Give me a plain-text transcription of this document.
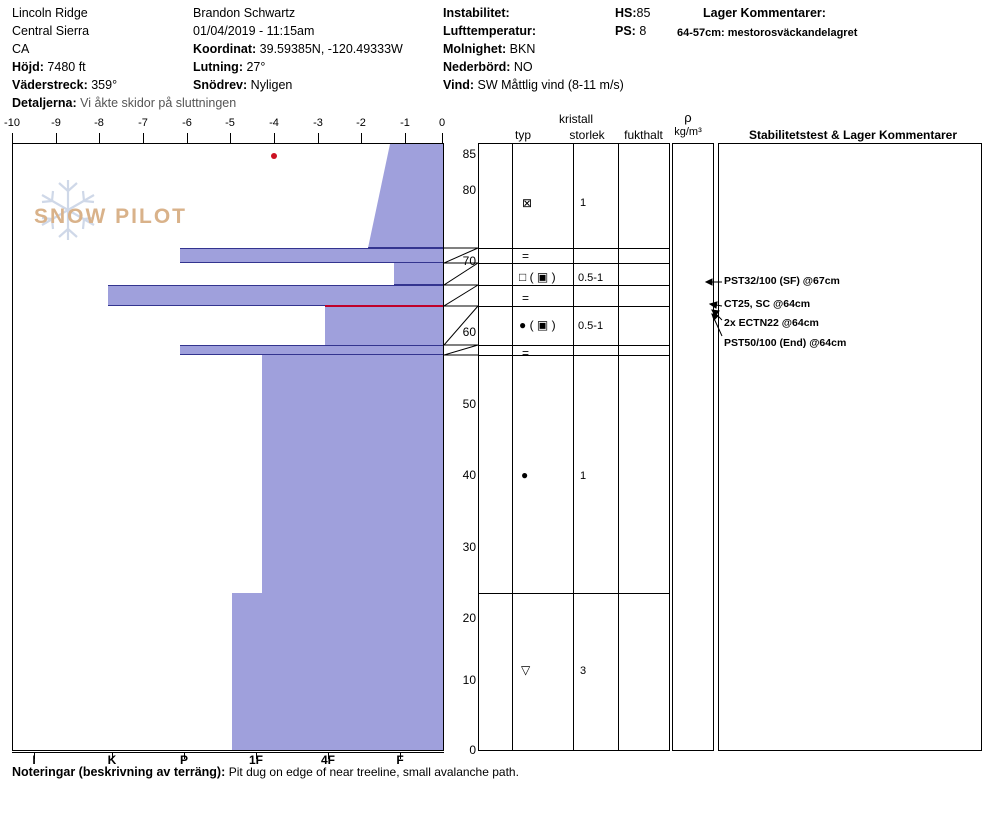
Lincoln Ridge
Central Sierra
CA
Höjd: 7480 ft
Väderstreck: 359°
Detaljerna: Vi åkte skidor på sluttningen
Brandon Schwartz
01/04/2019 - 11:15am
Koordinat: 39.59385N, -120.49333W
Lutning: 27°
Snödrev: Nyligen
Instabilitet:
Lufttemperatur:
Molnighet: BKN
Nederbörd: NO
Vind: SW Måttlig vind (8-11 m/s)
HS:85
PS: 8
Lager Kommentarer:
64-57cm: mestorosväckandelagret
-10	-9	-8	-7	-6	-5	-4	-3	-2	-1	0
SNOW PILOT
85
80
70
60
50
40
30
20
10
0
I	K	P	1F	4F	F
kristall
typ	storlek	fukthalt
ρ
kg/m³	Stabilitetstest & Lager Kommentarer
⊠	1
=
□ ( ▣ ) 0.5-1
=
● ( ▣ ) 0.5-1
=
●	1
▽	3
PST32/100 (SF) @67cm
CT25, SC @64cm
2x ECTN22 @64cm
PST50/100 (End) @64cm
Noteringar (beskrivning av terräng): Pit dug on edge of near treeline, small avalanche path.
